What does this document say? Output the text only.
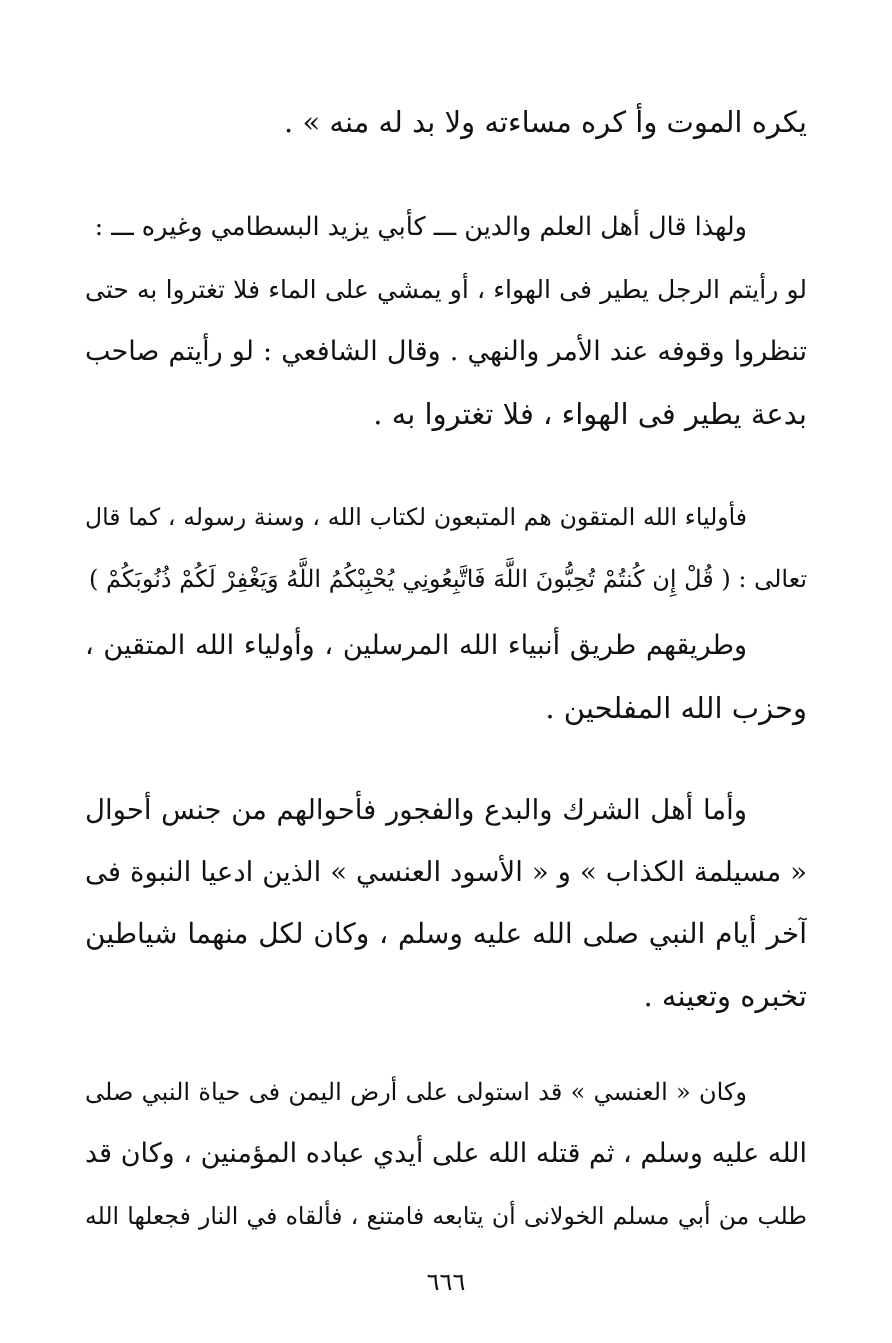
يكره الموت وأ كره مساءته ولا بد له منه » .
ولهذا قال أهل العلم والدين ـــ كأبي يزيد البسطامي وغيره ـــ :
لو رأيتم الرجل يطير فى الهواء ، أو يمشي على الماء فلا تغتروا به حتى
تنظروا وقوفه عند الأمر والنهي . وقال الشافعي : لو رأيتم صاحب
بدعة يطير فى الهواء ، فلا تغتروا به .
فأولياء الله المتقون هم المتبعون لكتاب الله ، وسنة رسوله ، كما قال
تعالى : ( قُلْ إِن كُنتُمْ تُحِبُّونَ اللَّهَ فَاتَّبِعُونِي يُحْبِبْكُمُ اللَّهُ وَيَغْفِرْ لَكُمْ ذُنُوبَكُمْ )
وطريقهم طريق أنبياء الله المرسلين ، وأولياء الله المتقين ،
وحزب الله المفلحين .
وأما أهل الشرك والبدع والفجور فأحوالهم من جنس أحوال
« مسيلمة الكذاب » و « الأسود العنسي » الذين ادعيا النبوة فى
آخر أيام النبي صلى الله عليه وسلم ، وكان لكل منهما شياطين
تخبره وتعينه .
وكان « العنسي » قد استولى على أرض اليمن فى حياة النبي صلى
الله عليه وسلم ، ثم قتله الله على أيدي عباده المؤمنين ، وكان قد
طلب من أبي مسلم الخولانى أن يتابعه فامتنع ، فألقاه في النار فجعلها الله
٦٦٦
